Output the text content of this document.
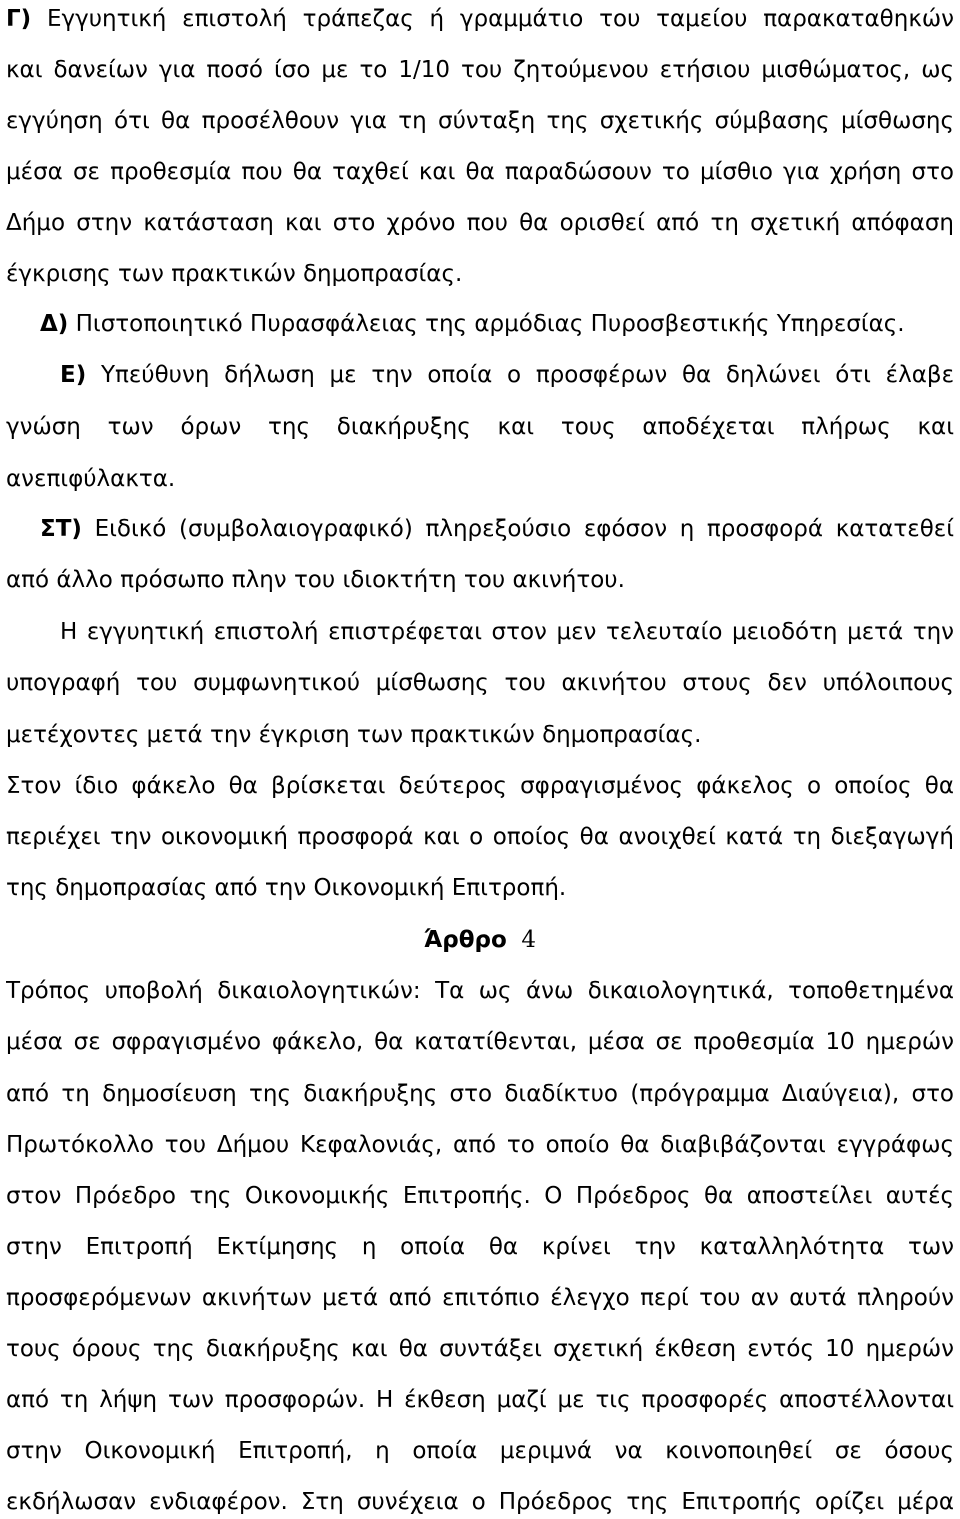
Γ) Εγγυητική επιστολή τράπεζας ή γραμμάτιο του ταμείου παρακαταθηκών
και δανείων για ποσό ίσο με το 1/10 του ζητούμενου ετήσιου μισθώματος, ως
εγγύηση ότι θα προσέλθουν για τη σύνταξη της σχετικής σύμβασης μίσθωσης
μέσα σε προθεσμία που θα ταχθεί και θα παραδώσουν το μίσθιο για χρήση στο
Δήμο στην κατάσταση και στο χρόνο που θα ορισθεί από τη σχετική απόφαση
έγκρισης των πρακτικών δημοπρασίας.
Δ) Πιστοποιητικό Πυρασφάλειας της αρμόδιας Πυροσβεστικής Υπηρεσίας.
Ε) Υπεύθυνη δήλωση με την οποία ο προσφέρων θα δηλώνει ότι έλαβε
γνώση των όρων της διακήρυξης και τους αποδέχεται πλήρως και
ανεπιφύλακτα.
ΣΤ) Ειδικό (συμβολαιογραφικό) πληρεξούσιο εφόσον η προσφορά κατατεθεί
από άλλο πρόσωπο πλην του ιδιοκτήτη του ακινήτου.
Η εγγυητική επιστολή επιστρέφεται στον μεν τελευταίο μειοδότη μετά την
υπογραφή του συμφωνητικού μίσθωσης του ακινήτου στους δεν υπόλοιπους
μετέχοντες μετά την έγκριση των πρακτικών δημοπρασίας.
Στον ίδιο φάκελο θα βρίσκεται δεύτερος σφραγισμένος φάκελος ο οποίος θα
περιέχει την οικονομική προσφορά και ο οποίος θα ανοιχθεί κατά τη διεξαγωγή
της δημοπρασίας από την Οικονομική Επιτροπή.
Άρθρο 4
Τρόπος υποβολή δικαιολογητικών: Τα ως άνω δικαιολογητικά, τοποθετημένα
μέσα σε σφραγισμένο φάκελο, θα κατατίθενται, μέσα σε προθεσμία 10 ημερών
από τη δημοσίευση της διακήρυξης στο διαδίκτυο (πρόγραμμα Διαύγεια), στο
Πρωτόκολλο του Δήμου Κεφαλονιάς, από το οποίο θα διαβιβάζονται εγγράφως
στον Πρόεδρο της Οικονομικής Επιτροπής. Ο Πρόεδρος θα αποστείλει αυτές
στην Επιτροπή Εκτίμησης η οποία θα κρίνει την καταλληλότητα των
προσφερόμενων ακινήτων μετά από επιτόπιο έλεγχο περί του αν αυτά πληρούν
τους όρους της διακήρυξης και θα συντάξει σχετική έκθεση εντός 10 ημερών
από τη λήψη των προσφορών. Η έκθεση μαζί με τις προσφορές αποστέλλονται
στην Οικονομική Επιτροπή, η οποία μεριμνά να κοινοποιηθεί σε όσους
εκδήλωσαν ενδιαφέρον. Στη συνέχεια ο Πρόεδρος της Επιτροπής ορίζει μέρα
